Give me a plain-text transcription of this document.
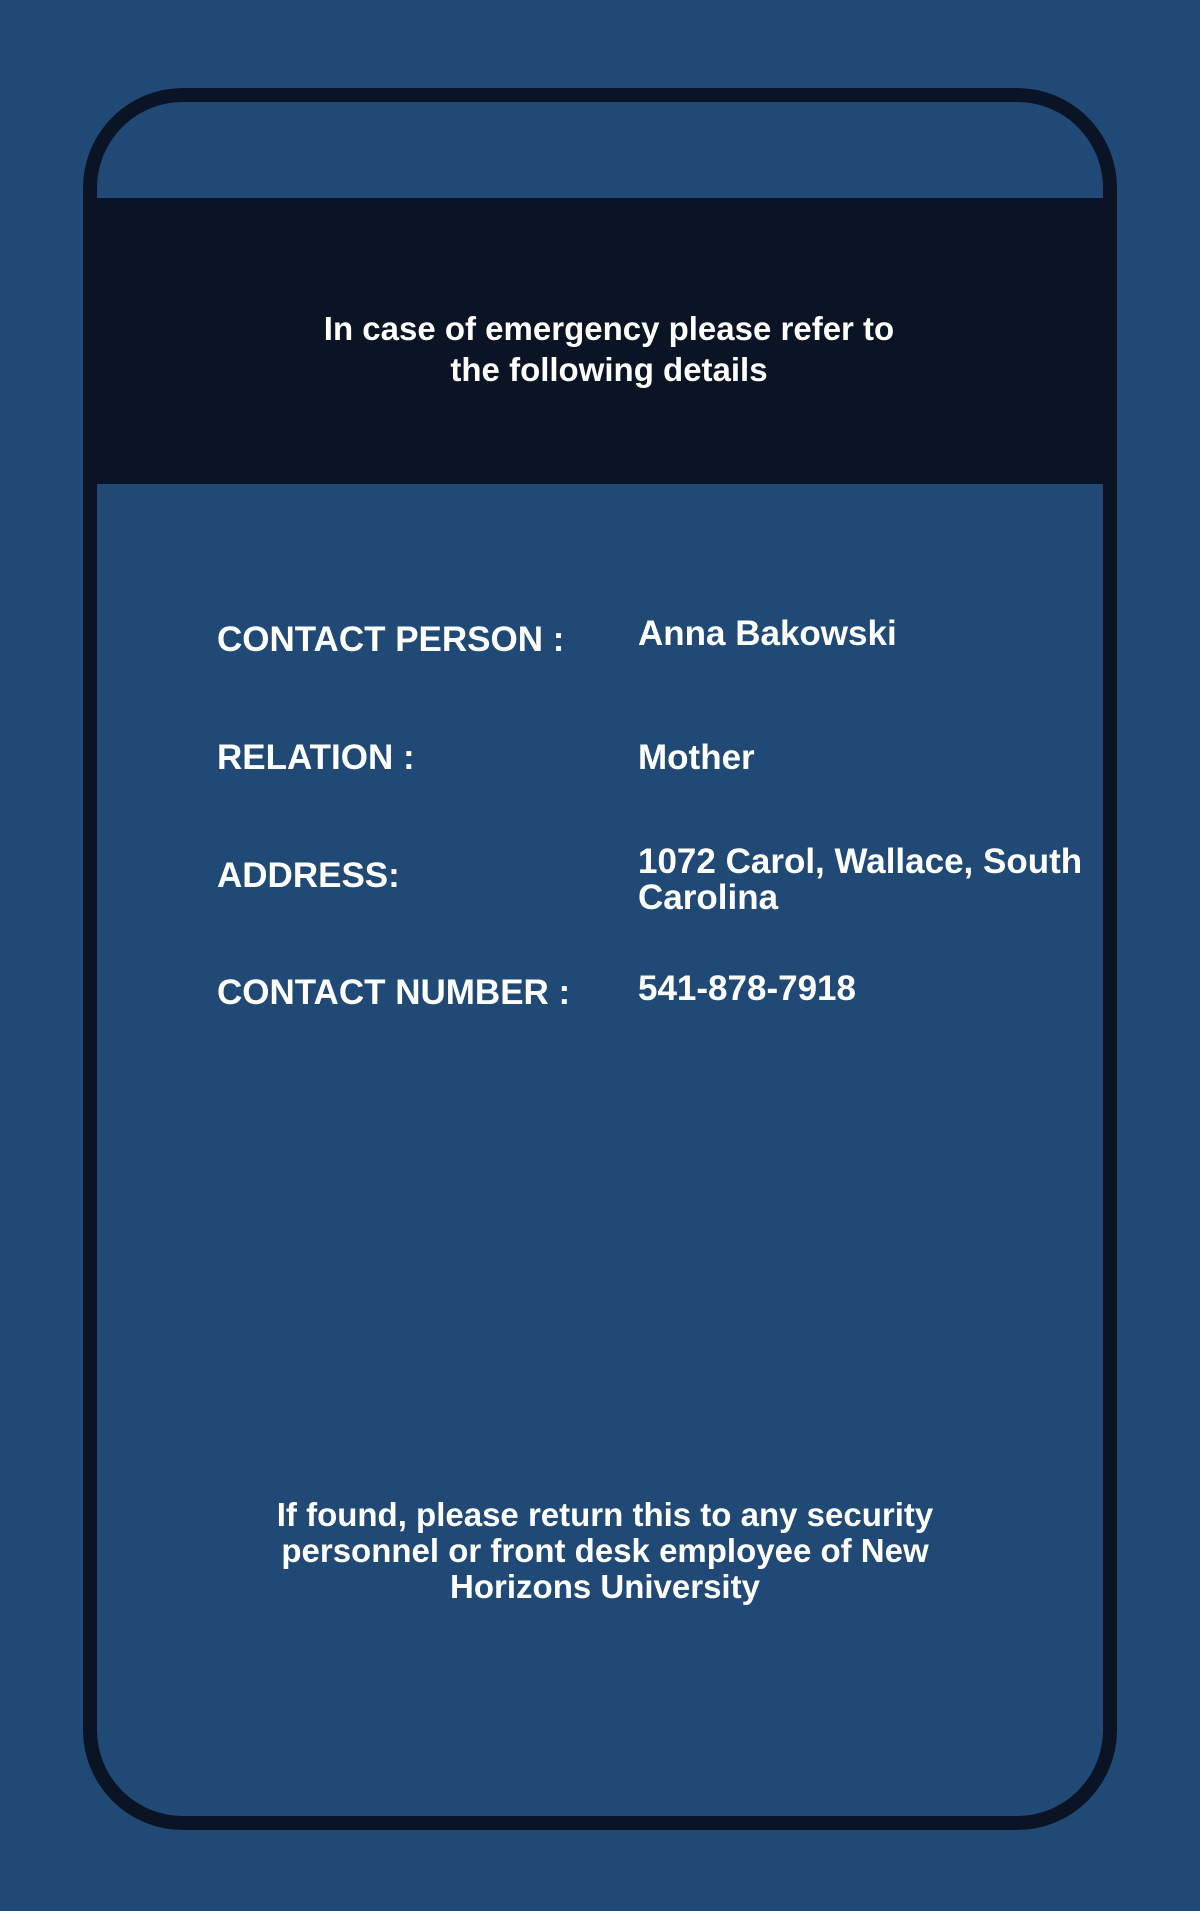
In case of emergency please refer to
the following details
CONTACT PERSON : Anna Bakowski
RELATION :	Mother
ADDRESS:	1072 Carol, Wallace, South
Carolina
CONTACT NUMBER : 541-878-7918
If found, please return this to any security
personnel or front desk employee of New
Horizons University
